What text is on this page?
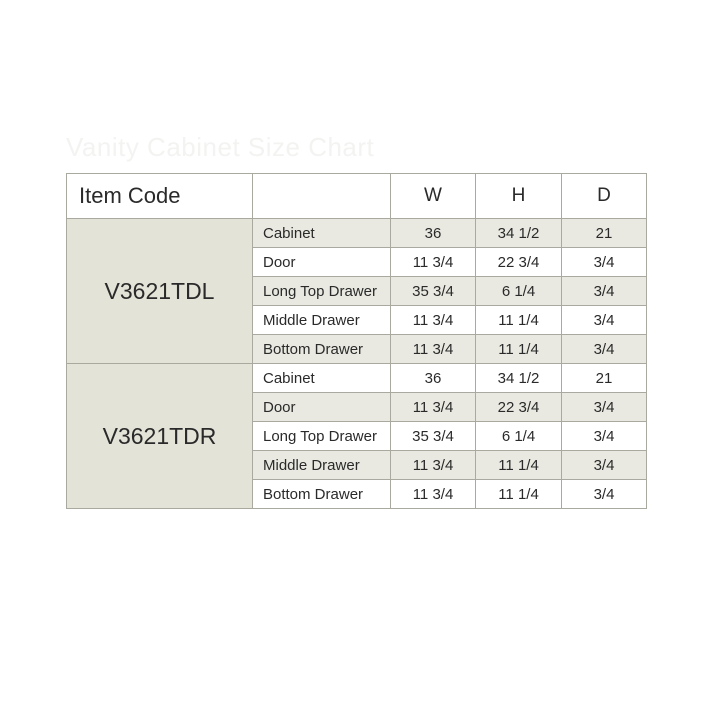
Vanity Cabinet Size Chart
Item Code		W	H	D
V3621TDL	Cabinet	36	34 1/2	21
	Door	11 3/4	22 3/4	3/4
	Long Top Drawer	35 3/4	6 1/4	3/4
	Middle Drawer	11 3/4	11 1/4	3/4
	Bottom Drawer	11 3/4	11 1/4	3/4
V3621TDR	Cabinet	36	34 1/2	21
	Door	11 3/4	22 3/4	3/4
	Long Top Drawer	35 3/4	6 1/4	3/4
	Middle Drawer	11 3/4	11 1/4	3/4
	Bottom Drawer	11 3/4	11 1/4	3/4
